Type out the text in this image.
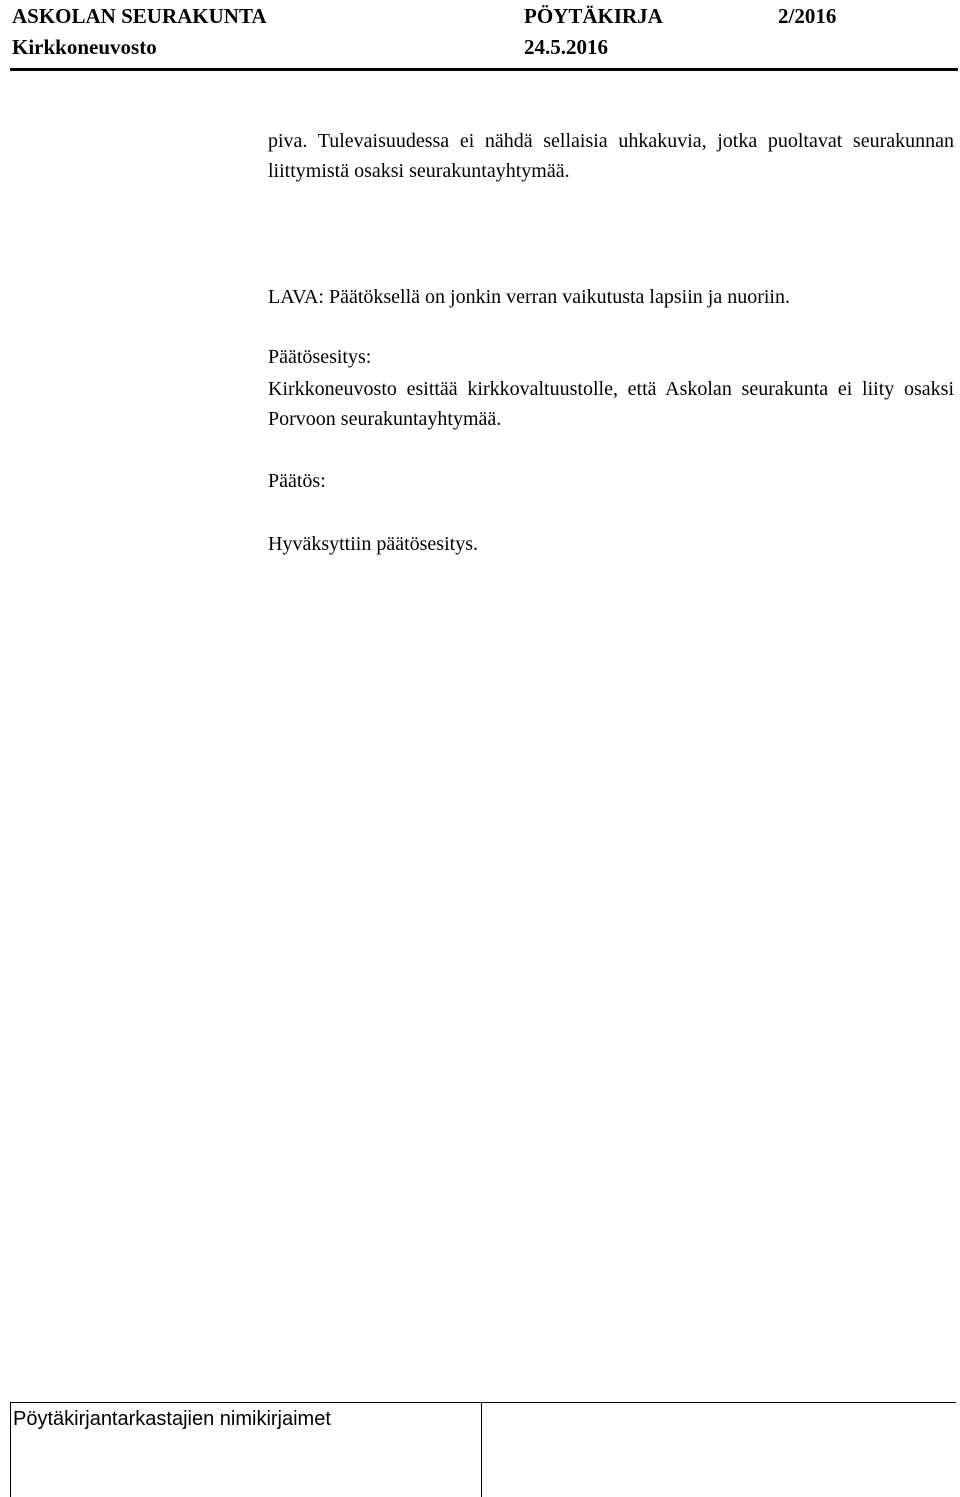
ASKOLAN SEURAKUNTA	PÖYTÄKIRJA	2/2016
Kirkkoneuvosto	24.5.2016

piva. Tulevaisuudessa ei nähdä sellaisia uhkakuvia, jotka puoltavat seurakunnan liittymistä osaksi seurakuntayhtymää.

LAVA: Päätöksellä on jonkin verran vaikutusta lapsiin ja nuoriin.

Päätösesitys:

Kirkkoneuvosto esittää kirkkovaltuustolle, että Askolan seurakunta ei liity osaksi Porvoon seurakuntayhtymää.

Päätös:

Hyväksyttiin päätösesitys.

Pöytäkirjantarkastajien nimikirjaimet
